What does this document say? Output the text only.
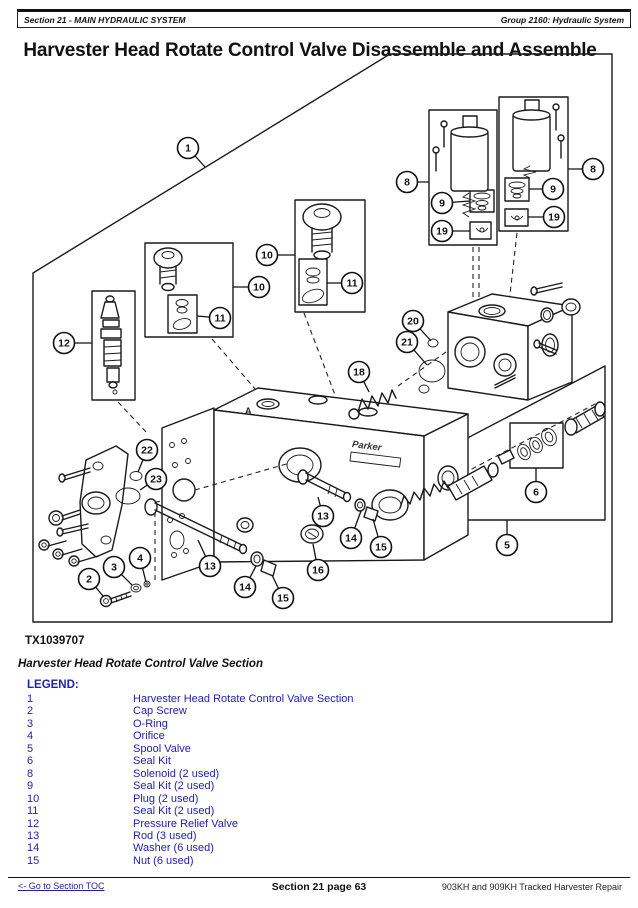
Section 21 - MAIN HYDRAULIC SYSTEM	Group 2160: Hydraulic System
Harvester Head Rotate Control Valve Disassemble and Assemble
Parker
A
1
8
9
19
9
19
8
10
11
10
11
12
20
21
18
22
23
2
3
4
13
14
15
16
13
14
15
6
5
TX1039707
Harvester Head Rotate Control Valve Section
LEGEND:
1	Harvester Head Rotate Control Valve Section
2	Cap Screw
3	O-Ring
4	Orifice
5	Spool Valve
6	Seal Kit
8	Solenoid (2 used)
9	Seal Kit (2 used)
10	Plug (2 used)
11	Seal Kit (2 used)
12	Pressure Relief Valve
13	Rod (3 used)
14	Washer (6 used)
15	Nut (6 used)
<- Go to Section TOC	Section 21 page 63	903KH and 909KH Tracked Harvester Repair
